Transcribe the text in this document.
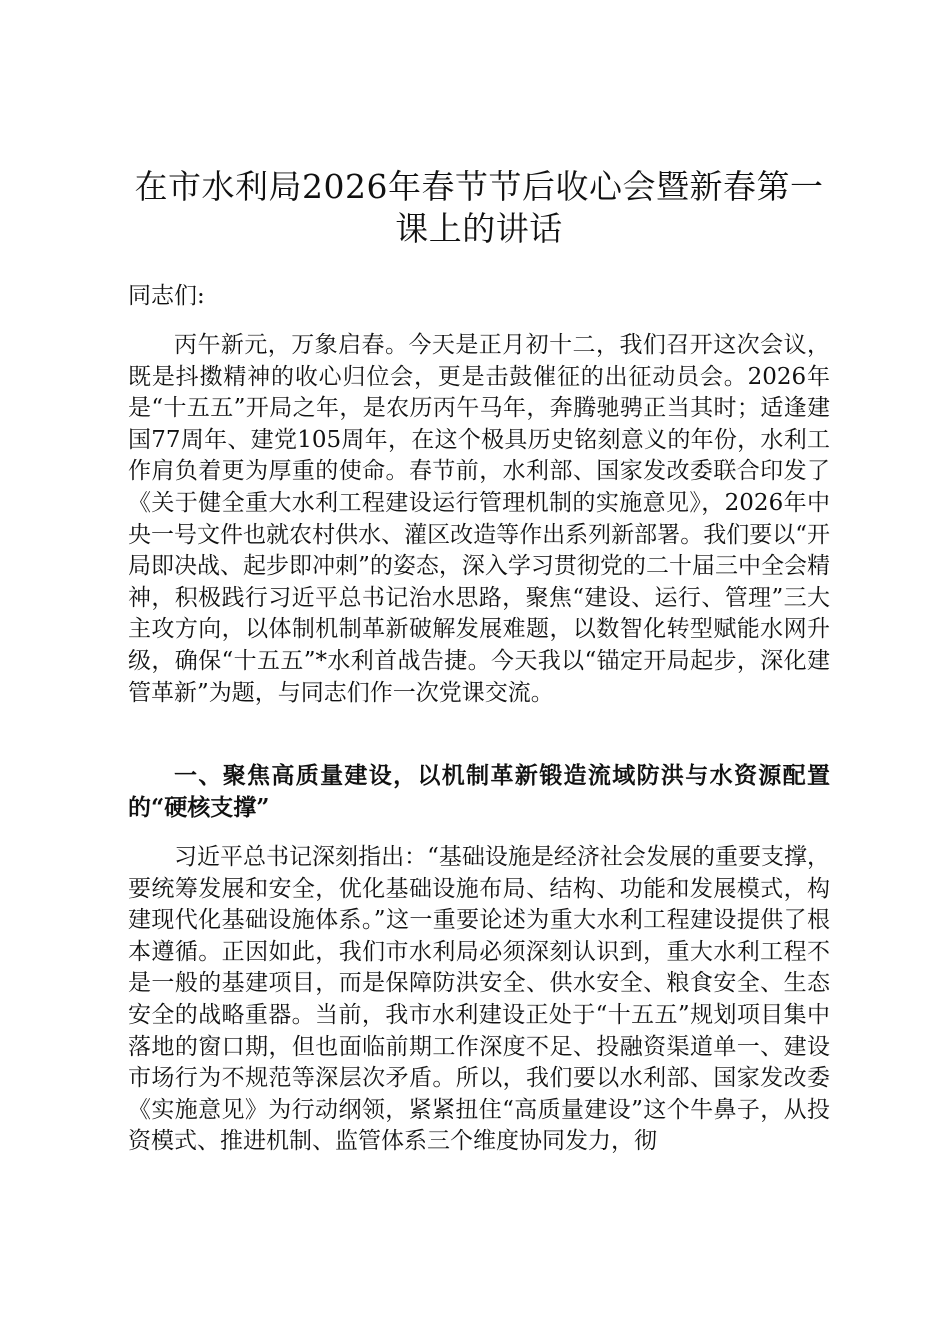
在市水利局2026年春节节后收心会暨新春第一课上的讲话
同志们:
丙午新元，万象启春。今天是正月初十二，我们召开这次会议，既是抖擞精神的收心归位会，更是击鼓催征的出征动员会。2026年是“十五五”开局之年，是农历丙午马年，奔腾驰骋正当其时；适逢建国77周年、建党105周年，在这个极具历史铭刻意义的年份，水利工作肩负着更为厚重的使命。春节前，水利部、国家发改委联合印发了《关于健全重大水利工程建设运行管理机制的实施意见》，2026年中央一号文件也就农村供水、灌区改造等作出系列新部署。我们要以“开局即决战、起步即冲刺”的姿态，深入学习贯彻党的二十届三中全会精神，积极践行习近平总书记治水思路，聚焦“建设、运行、管理”三大主攻方向，以体制机制革新破解发展难题，以数智化转型赋能水网升级，确保“十五五”*水利首战告捷。今天我以“锚定开局起步，深化建管革新”为题，与同志们作一次党课交流。
一、聚焦高质量建设，以机制革新锻造流域防洪与水资源配置的“硬核支撑”
习近平总书记深刻指出：“基础设施是经济社会发展的重要支撑，要统筹发展和安全，优化基础设施布局、结构、功能和发展模式，构建现代化基础设施体系。”这一重要论述为重大水利工程建设提供了根本遵循。正因如此，我们市水利局必须深刻认识到，重大水利工程不是一般的基建项目，而是保障防洪安全、供水安全、粮食安全、生态安全的战略重器。当前，我市水利建设正处于“十五五”规划项目集中落地的窗口期，但也面临前期工作深度不足、投融资渠道单一、建设市场行为不规范等深层次矛盾。所以，我们要以水利部、国家发改委《实施意见》为行动纲领，紧紧扭住“高质量建设”这个牛鼻子，从投资模式、推进机制、监管体系三个维度协同发力，彻
